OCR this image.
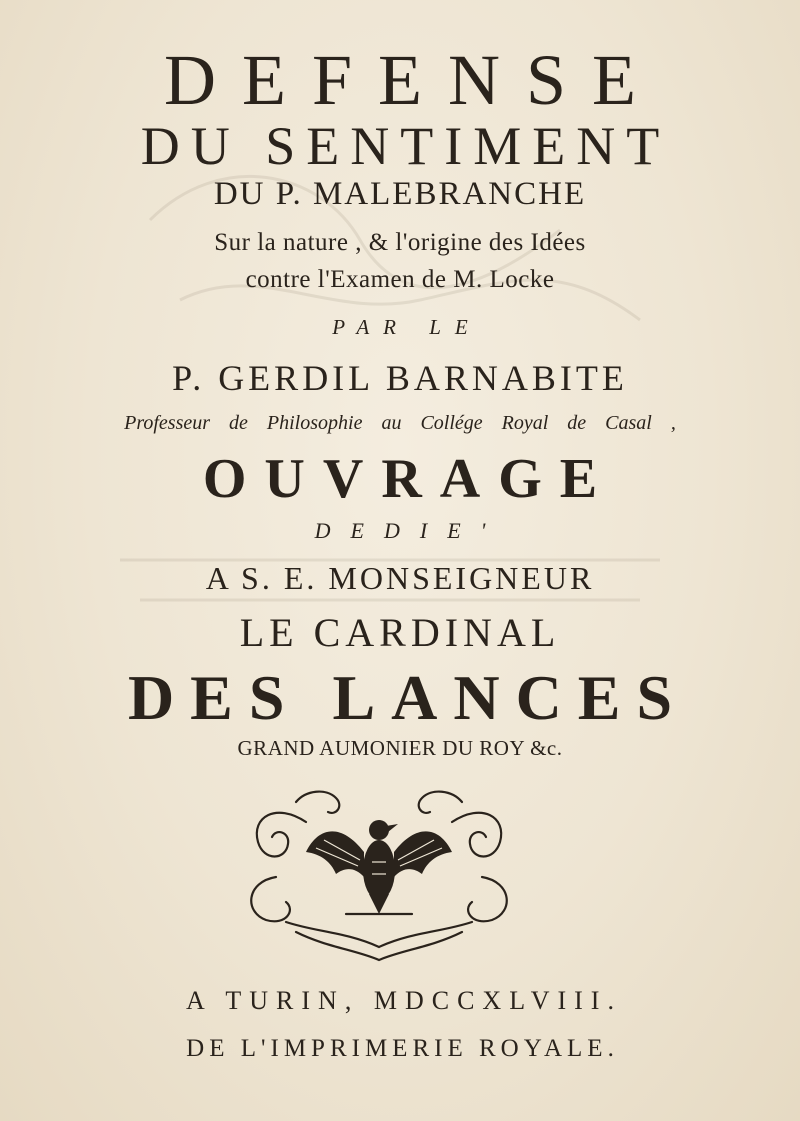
DEFENSE
DU SENTIMENT
DU P. MALEBRANCHE
Sur la nature , & l'origine des Idées
contre l'Examen de M. Locke
PAR LE
P. GERDIL BARNABITE
Professeur de Philosophie au Collége Royal de Casal ,
OUVRAGE
DEDIE'
A S. E. MONSEIGNEUR
LE CARDINAL
DES LANCES
GRAND AUMONIER DU ROY &c.
A TURIN, MDCCXLVIII.
DE L'IMPRIMERIE ROYALE.
